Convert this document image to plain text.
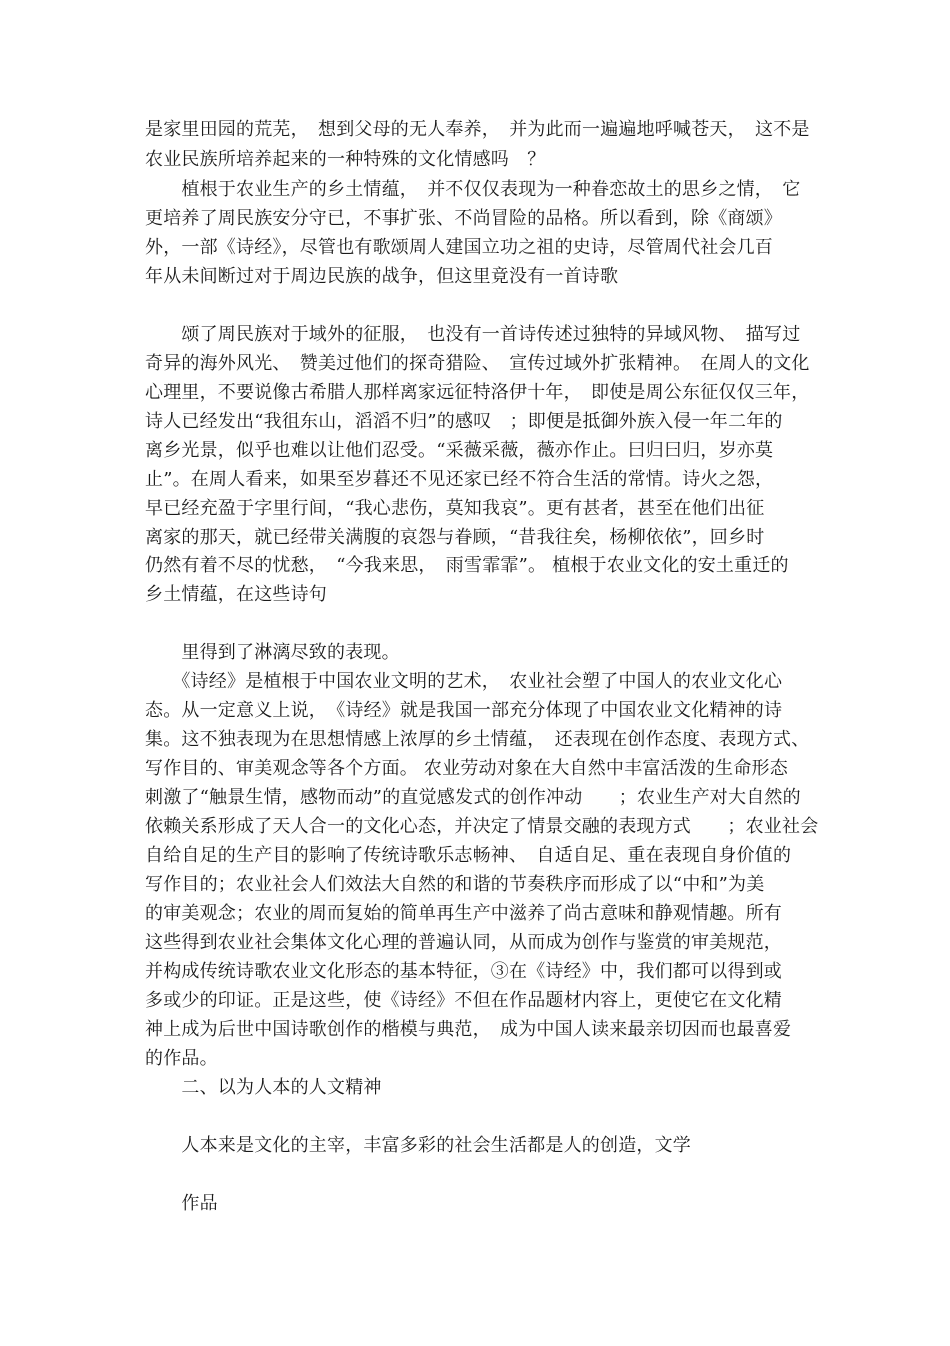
是家里田园的荒芜，　想到父母的无人奉养，　并为此而一遍遍地呼喊苍天，　这不是
农业民族所培养起来的一种特殊的文化情感吗　？
　　植根于农业生产的乡土情蕴，　并不仅仅表现为一种眷恋故土的思乡之情，　它
更培养了周民族安分守已，不事扩张、不尚冒险的品格。所以看到，除《商颂》
外，一部《诗经》，尽管也有歌颂周人建国立功之祖的史诗，尽管周代社会几百
年从未间断过对于周边民族的战争，但这里竟没有一首诗歌
　　颂了周民族对于域外的征服，　也没有一首诗传述过独特的异域风物、　描写过
奇异的海外风光、　赞美过他们的探奇猎险、　宣传过域外扩张精神。　在周人的文化
心理里，不要说像古希腊人那样离家远征特洛伊十年，　即使是周公东征仅仅三年，
诗人已经发出“我徂东山，滔滔不归”的感叹　；即便是抵御外族入侵一年二年的
离乡光景，似乎也难以让他们忍受。“采薇采薇，薇亦作止。曰归曰归，岁亦莫
止”。在周人看来，如果至岁暮还不见还家已经不符合生活的常情。诗火之怨，
早已经充盈于字里行间，“我心悲伤，莫知我哀”。更有甚者，甚至在他们出征
离家的那天，就已经带关满腹的哀怨与眷顾，“昔我往矣，杨柳依依”，回乡时
仍然有着不尽的忧愁，　“今我来思，　雨雪霏霏”。 植根于农业文化的安土重迁的
乡土情蕴，在这些诗句
　　里得到了淋漓尽致的表现。
　　《诗经》是植根于中国农业文明的艺术，　农业社会塑了中国人的农业文化心
态。从一定意义上说，　《诗经》就是我国一部充分体现了中国农业文化精神的诗
集。这不独表现为在思想情感上浓厚的乡土情蕴，　还表现在创作态度、表现方式、
写作目的、审美观念等各个方面。 农业劳动对象在大自然中丰富活泼的生命形态
刺激了“触景生情，感物而动”的直觉感发式的创作冲动　　；农业生产对大自然的
依赖关系形成了天人合一的文化心态，并决定了情景交融的表现方式　　；农业社会
自给自足的生产目的影响了传统诗歌乐志畅神、　自适自足、重在表现自身价值的
写作目的；农业社会人们效法大自然的和谐的节奏秩序而形成了以“中和”为美
的审美观念；农业的周而复始的简单再生产中滋养了尚古意味和静观情趣。所有
这些得到农业社会集体文化心理的普遍认同，从而成为创作与鉴赏的审美规范，
并构成传统诗歌农业文化形态的基本特征，③在《诗经》中，我们都可以得到或
多或少的印证。正是这些，使《诗经》不但在作品题材内容上，更使它在文化精
神上成为后世中国诗歌创作的楷模与典范，　成为中国人读来最亲切因而也最喜爱
的作品。
　　二、以为人本的人文精神
　　人本来是文化的主宰，丰富多彩的社会生活都是人的创造，文学
　　作品
